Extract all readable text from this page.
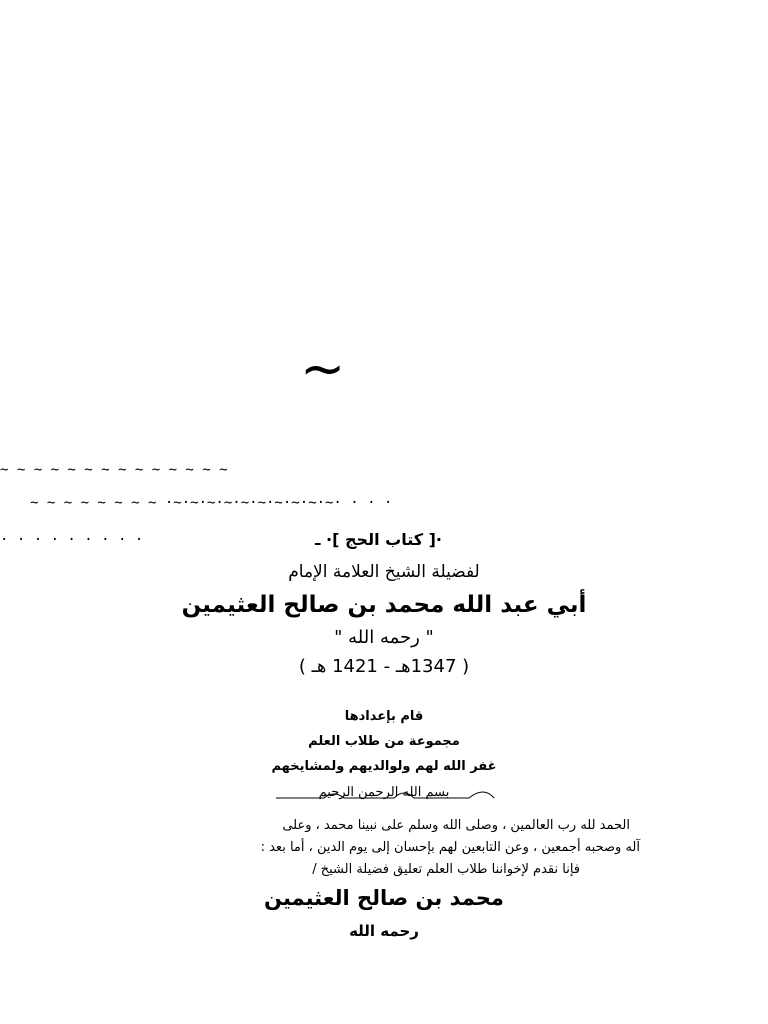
~
~ ~ ~ ~ ~ ~ ~ ~ ~ ~ ~ ~ ~ ~
~ ~ ~ ~ ~ ~ ~ ~ ·~·~·~·~·~·~·~·~·~·~· · · ·
· · · · · · · · ·	·[ كتاب الحج ]· ـ
لفضيلة الشيخ العلامة الإمام
أبي عبد الله محمد بن صالح العثيمين
" رحمه الله "
( 1347هـ - 1421 هـ )
قام بإعدادها
مجموعة من طلاب العلم
غفر الله لهم ولوالديهم ولمشايخهم
بسم الله الرحمن الرحيم
الحمد لله رب العالمين ، وصلى الله وسلم على نبينا محمد ، وعلى
آله وصحبه أجمعين ، وعن التابعين لهم بإحسان إلى يوم الدين ، أما بعد :
فإنا نقدم لإخواننا طلاب العلم تعليق فضيلة الشيخ /
محمد بن صالح العثيمين
رحمه الله
